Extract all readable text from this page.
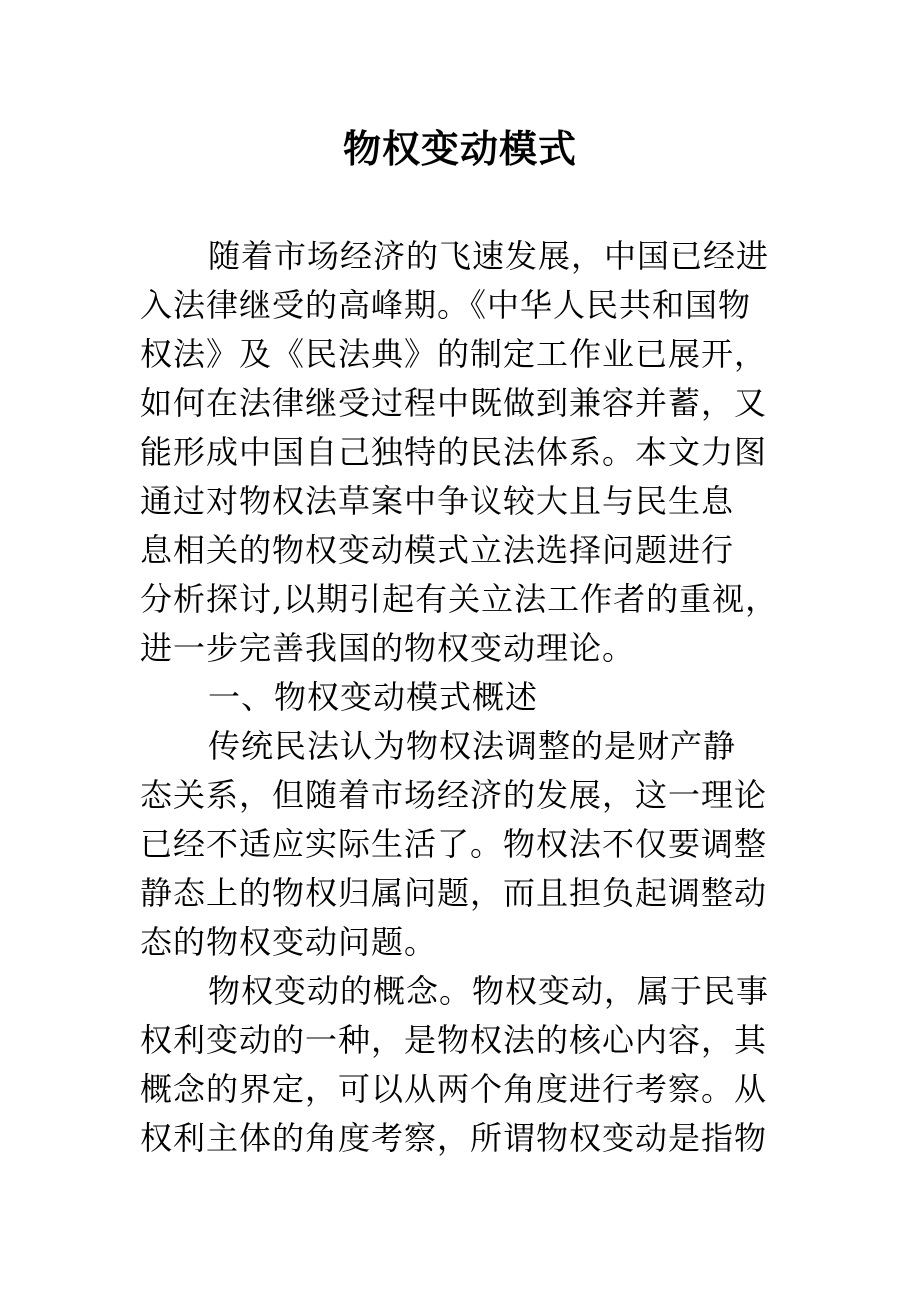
物权变动模式
随着市场经济的飞速发展，中国已经进
入法律继受的高峰期。《中华人民共和国物
权法》及《民法典》的制定工作业已展开，
如何在法律继受过程中既做到兼容并蓄，又
能形成中国自己独特的民法体系。本文力图
通过对物权法草案中争议较大且与民生息
息相关的物权变动模式立法选择问题进行
分析探讨,以期引起有关立法工作者的重视，
进一步完善我国的物权变动理论。
一、物权变动模式概述
传统民法认为物权法调整的是财产静
态关系，但随着市场经济的发展，这一理论
已经不适应实际生活了。物权法不仅要调整
静态上的物权归属问题，而且担负起调整动
态的物权变动问题。
物权变动的概念。物权变动，属于民事
权利变动的一种，是物权法的核心内容，其
概念的界定，可以从两个角度进行考察。从
权利主体的角度考察，所谓物权变动是指物
